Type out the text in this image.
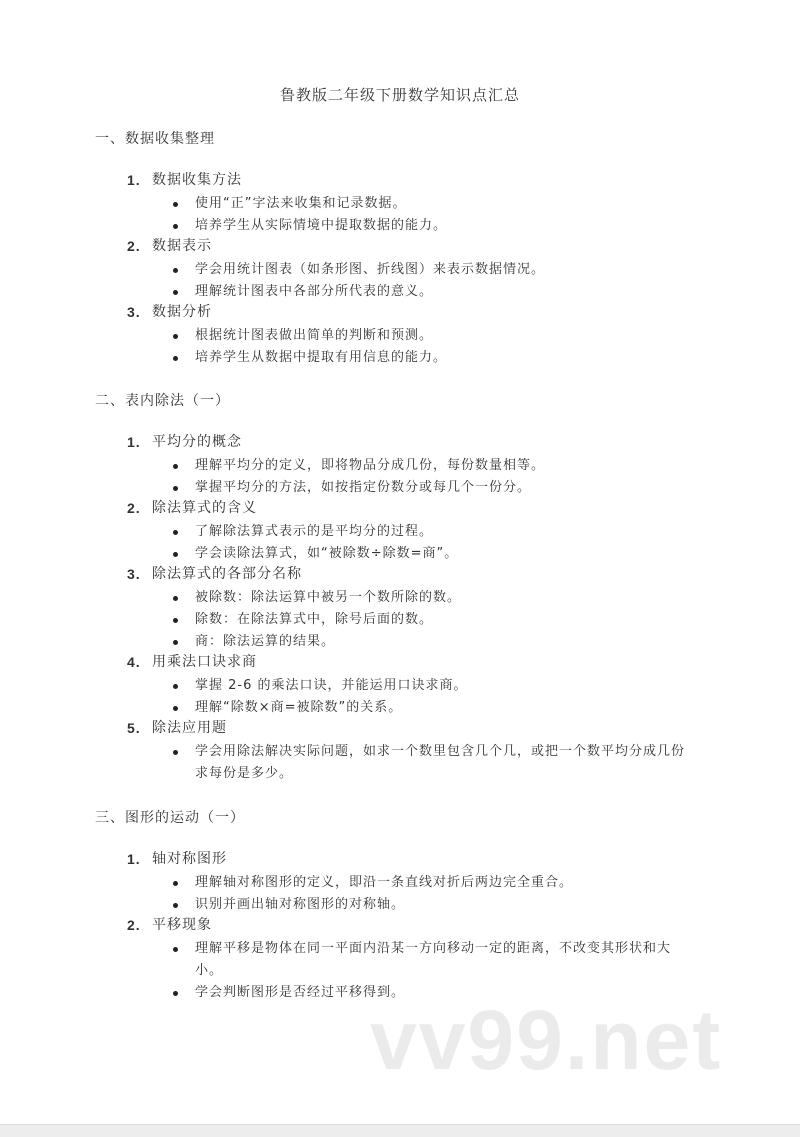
鲁教版二年级下册数学知识点汇总
一、数据收集整理
1. 数据收集方法
使用“正”字法来收集和记录数据。
培养学生从实际情境中提取数据的能力。
2. 数据表示
学会用统计图表（如条形图、折线图）来表示数据情况。
理解统计图表中各部分所代表的意义。
3. 数据分析
根据统计图表做出简单的判断和预测。
培养学生从数据中提取有用信息的能力。
二、表内除法（一）
1. 平均分的概念
理解平均分的定义，即将物品分成几份，每份数量相等。
掌握平均分的方法，如按指定份数分或每几个一份分。
2. 除法算式的含义
了解除法算式表示的是平均分的过程。
学会读除法算式，如“被除数÷除数=商”。
3. 除法算式的各部分名称
被除数：除法运算中被另一个数所除的数。
除数：在除法算式中，除号后面的数。
商：除法运算的结果。
4. 用乘法口诀求商
掌握 2-6 的乘法口诀，并能运用口诀求商。
理解“除数×商=被除数”的关系。
5. 除法应用题
学会用除法解决实际问题，如求一个数里包含几个几，或把一个数平均分成几份求每份是多少。
三、图形的运动（一）
1. 轴对称图形
理解轴对称图形的定义，即沿一条直线对折后两边完全重合。
识别并画出轴对称图形的对称轴。
2. 平移现象
理解平移是物体在同一平面内沿某一方向移动一定的距离，不改变其形状和大小。
学会判断图形是否经过平移得到。
vv99.net
